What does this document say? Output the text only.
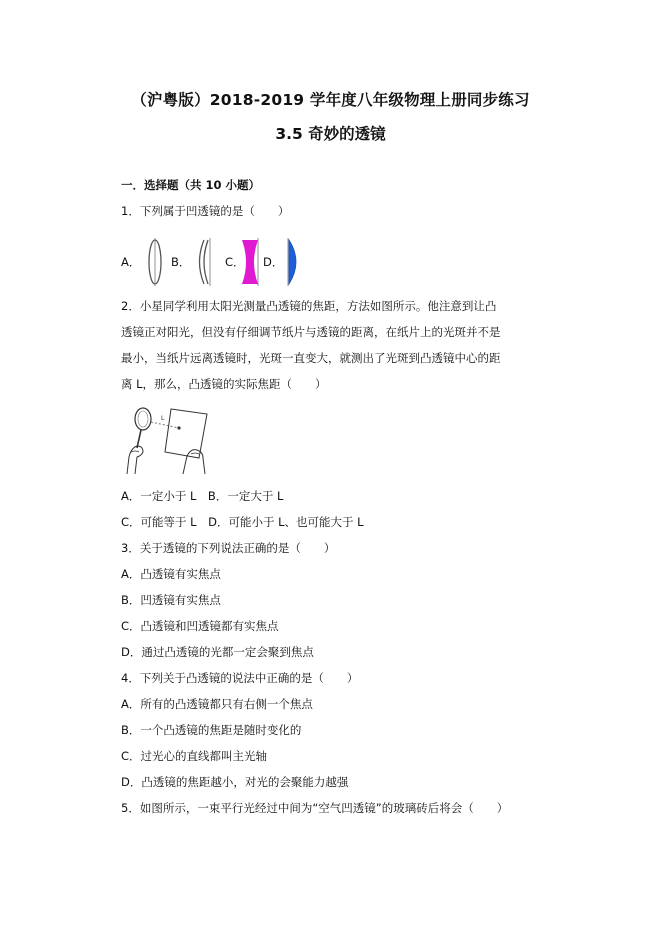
（沪粤版）2018-2019 学年度八年级物理上册同步练习
3.5 奇妙的透镜
一．选择题（共 10 小题）
1．下列属于凹透镜的是（　　）
A．	B．	C． D．
2．小星同学利用太阳光测量凸透镜的焦距，方法如图所示。他注意到让凸
透镜正对阳光，但没有仔细调节纸片与透镜的距离，在纸片上的光斑并不是
最小，当纸片远离透镜时，光斑一直变大，就测出了光斑到凸透镜中心的距
离 L，那么，凸透镜的实际焦距（　　）
L
A．一定小于 L　B．一定大于 L
C．可能等于 L　D．可能小于 L、也可能大于 L
3．关于透镜的下列说法正确的是（　　）
A．凸透镜有实焦点
B．凹透镜有实焦点
C．凸透镜和凹透镜都有实焦点
D．通过凸透镜的光都一定会聚到焦点
4．下列关于凸透镜的说法中正确的是（　　）
A．所有的凸透镜都只有右侧一个焦点
B．一个凸透镜的焦距是随时变化的
C．过光心的直线都叫主光轴
D．凸透镜的焦距越小，对光的会聚能力越强
5．如图所示，一束平行光经过中间为“空气凹透镜”的玻璃砖后将会（　　）
